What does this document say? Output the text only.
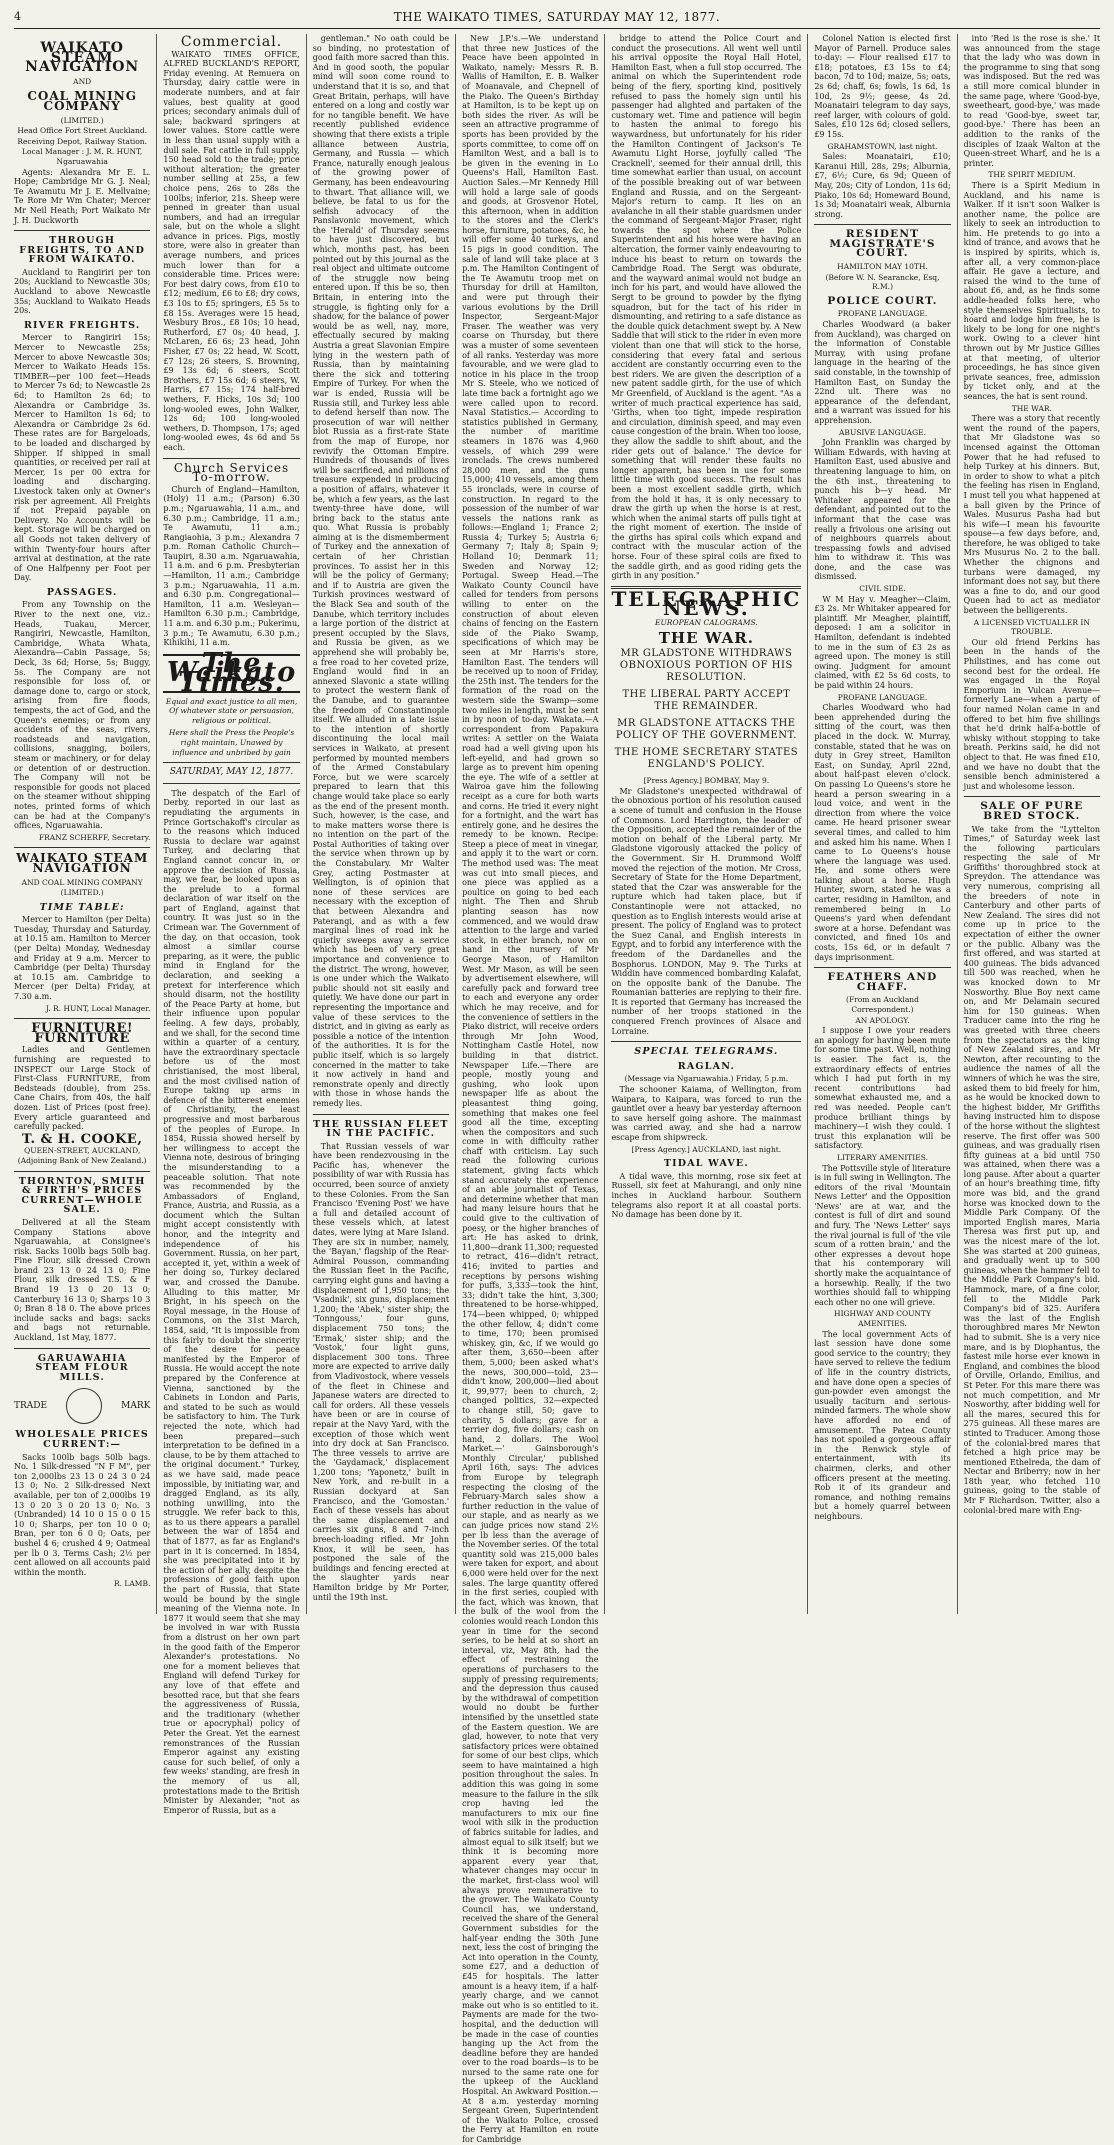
4	THE WAIKATO TIMES, SATURDAY MAY 12, 1877.
WAIKATO STEAM NAVIGATION
AND
COAL MINING COMPANY
(LIMITED.)
Head Office Fort Street Auckland.
Receiving Depot, Railway Station.
Local Manager : J. M. R. HUNT, Ngaruawahia

Agents: Alexandra Mr E. L. Hope; Cambridge Mr G. J. Neal; Te Awamutu Mr J. E. Mellvaine; Te Rore Mr Wm Chater; Mercer Mr Neil Heath; Port Waikato Mr J. H. Duckworth

THROUGH FREIGHTS, TO AND FROM WAIKATO.

Auckland to Rangiriri per ton 20s; Auckland to Newcastle 30s; Auckland to above Newcastle 35s; Auckland to Waikato Heads 20s.

RIVER FREIGHTS.

Mercer to Rangiriri 15s; Mercer to Newcastle 25s; Mercer to above Newcastle 30s; Mercer to Waikato Heads 15s. TIMBER—per 100 feet—Heads to Mercer 7s 6d; to Newcastle 2s 6d; to Hamilton 2s 6d; to Alexandra or Cambridge 3s. Mercer to Hamilton 1s 6d; to Alexandra or Cambridge 2s 6d. These rates are for Bargeloads, to be loaded and discharged by Shipper. If shipped in small quantities, or received per rail at Mercer, 1s per 00 extra for loading and discharging. Livestock taken only at Owner's risk per agreement. All Freights if not Prepaid payable on Delivery. No Accounts will be kept. Storage will be charged on all Goods not taken delivery of within Twenty-four hours after arrival at destination, at the rate of One Halfpenny per Foot per Day.

PASSAGES.

From any Township on the River to the next one, viz.: Heads, Tuakau, Mercer, Rangiriri, Newcastle, Hamilton, Cambridge, Whata Whata, Alexandra—Cabin Passage, 5s; Deck, 3s 6d; Horse, 5s; Buggy, 5s. The Company are not responsible for loss of, or damage done to, cargo or stock, arising from fire floods, tempests, the act of God, and the Queen's enemies; or from any accidents of the seas, rivers, roadsteads and navigation, collisions, snagging, boilers, steam or machinery, or for delay or detention of or destruction. The Company will not be responsible for goods not placed on the steamer without shipping notes, printed forms of which can be had at the Company's offices, Ngaruawahia.

FRANZ SCHERFF, Secretary.
WAIKATO STEAM NAVIGATION
AND COAL MINING COMPANY
(LIMITED.)
TIME TABLE:

Mercer to Hamilton (per Delta) Tuesday, Thursday and Saturday, at 10.15 am. Hamilton to Mercer (per Delta) Monday, Wednesday and Friday at 9 a.m. Mercer to Cambridge (per Delta) Thursday at 10.15 am. Cambridge to Mercer (per Delta) Friday, at 7.30 a.m.

J. R. HUNT, Local Manager.
FURNITURE! FURNITURE

Ladies and Gentlemen furnishing are requested to INSPECT our Large Stock of First-Class FURNITURE, from Bedsteads (double), from 25s. Cane Chairs, from 40s, the half dozen. List of Prices (post free). Every article guaranteed and carefully packed.

T. & H. COOKE,
QUEEN-STREET, AUCKLAND, (Adjoining Bank of New Zealand.)
THORNTON, SMITH & FIRTH'S PRICES CURRENT—WHOLE SALE.

Delivered at all the Steam Company Stations above Ngaruawahia, at Consignee's risk. Sacks 100lb bags 50lb bag. Fine Flour, silk dressed Crown brand 23 13 0 24 13 0; Fine Flour, silk dressed T.S. & F Brand 19 13 0 20 13 0; Canterbury 16 13 0; Sharps 10 3 0; Bran 8 18 0. The above prices include sacks and bags: sacks and bags not returnable. Auckland, 1st May, 1877.

GARUAWAHIA STEAM FLOUR MILLS.
TRADE	MARK
WHOLESALE PRICES CURRENT:—

Sacks 100lb bags 50lb bags. No. 1 Silk-dressed "N F M", per ton 2,000lbs 23 13 0 24 3 0 24 13 0; No. 2 Silk-dressed Next available, per ton of 2,000lbs 19 13 0 20 3 0 20 13 0; No. 3 (Unbranded) 14 10 0 15 0 0 15 10 0; Sharps, per ton 10 0 0; Bran, per ton 6 0 0; Oats, per bushel 4 6; crushed 4 9; Oatmeal per lb 0 3. Terms Cash; 2½ per cent allowed on all accounts paid within the month.

R. LAMB.
Commercial.

WAIKATO TIMES OFFICE, ALFRED BUCKLAND'S REPORT, Friday evening. At Remuera on Thursday, dairy cattle were in moderate numbers, and at fair values, best quality at good prices; secondary animals dull of sale; backward springers at lower values. Store cattle were in less than usual supply with a dull sale. Fat cattle in full supply, 150 head sold to the trade; price without alteration; the greater number selling at 25s, a few choice pens, 26s to 28s the 100lbs; inferior, 21s. Sheep were penned in greater than usual numbers, and had an irregular sale, but on the whole a slight advance in prices. Pigs, mostly store, were also in greater than average numbers, and prices much lower than for a considerable time. Prices were: For best dairy cows, from £10 to £12; medium, £6 to £8; dry cows, £3 10s to £5; springers, £5 5s to £8 15s. Averages were 15 head, Wesbury Bros., £8 10s; 10 head, Rutherford, £7 0s; 40 head, J. McLaren, £6 6s; 23 head, John Fisher, £7 0s; 22 head, W. Scott, £7 12s; 26 steers, S. Browning, £9 13s 6d; 6 steers, Scott Brothers, £7 15s 6d; 6 steers, W. Harris, £7 15s; 174 half-bred wethers, F. Hicks, 10s 3d; 100 long-wooled ewes, John Walker, 12s 6d; 100 long-wooled wethers, D. Thompson, 17s; aged long-wooled ewes, 4s 6d and 5s each.

Church Services To-morrow.

Church of England—Hamilton, (Holy) 11 a.m.; (Parson) 6.30 p.m.; Ngaruawahia, 11 a.m., and 6.30 p.m.; Cambridge, 11 a.m.; Te Awamutu, 11 a.m.; Rangiaohia, 3 p.m.; Alexandra 7 p.m. Roman Catholic Church—Taupiri, 8.30 a.m. Ngaruawahia, 11 a.m. and 6 p.m. Presbyterian—Hamilton, 11 a.m.; Cambridge 3 p.m.; Ngaruawahia, 11 a.m. and 6.30 p.m. Congregational—Hamilton, 11 a.m. Wesleyan—Hamilton 6.30 p.m.; Cambridge, 11 a.m. and 6.30 p.m.; Pukerimu, 3 p.m.; Te Awamutu, 6.30 p.m.; Kihikihi, 11 a.m.

The Waikato Times.
Equal and exact justice to all men, Of whatever state or persuasion, religious or political.
Here shall the Press the People's right maintain, Unawed by influence and unbribed by gain
SATURDAY, MAY 12, 1877.

The despatch of the Earl of Derby, reported in our last as repudiating the arguments in Prince Gortschakoff's circular as to the reasons which induced Russia to declare war against Turkey, and declaring that England cannot concur in, or approve the decision of Russia, may, we fear, be looked upon as the prelude to a formal declaration of war itself on the part of England, against that country. It was just so in the Crimean war. The Government of the day, on that occasion, took almost a similar course preparing, as it were, the public mind in England for the declaration, and seeking a pretext for interference which should disarm, not the hostility of the Peace Party at home, but their influence upon popular feeling. A few days, probably, and we shall, for the second time within a quarter of a century, have the extraordinary spectacle before us of the most christianised, the most liberal, and the most civilised nation of Europe taking up arms in defence of the bitterest enemies of Christianity, the least progressive and most barbarous of the peoples of Europe. In 1854, Russia showed herself by her willingness to accept the Vienna note, desirous of bringing the misunderstanding to a peaceable solution. That note was recommended by the Ambassadors of England, France, Austria, and Russia, as a document which the Sultan might accept consistently with honor, and the integrity and independence of his Government. Russia, on her part, accepted it, yet, within a week of her doing so, Turkey declared war, and crossed the Danube. Alluding to this matter, Mr Bright, in his speech on the Royal message, in the House of Commons, on the 31st March, 1854, said, "It is impossible from this fairly to doubt the sincerity of the desire for peace manifested by the Emperor of Russia. He would accept the note prepared by the Conference at Vienna, sanctioned by the Cabinets in London and Paris, and stated to be such as would be satisfactory to him. The Turk rejected the note, which had been prepared—such interpretation to be defined in a clause, to be by them attached to the original document." Turkey, as we have said, made peace impossible, by initiating war, and dragged England, as its ally, nothing unwilling, into the struggle. We refer back to this, as to us there appears a parallel between the war of 1854 and that of 1877, as far as England's part in it is concerned. In 1854, she was precipitated into it by the action of her ally, despite the professions of good faith upon the part of Russia, that State would be bound by the single meaning of the Vienna note. In 1877 it would seem that she may be involved in war with Russia from a distrust on her own part in the good faith of the Emperor Alexander's protestations. No one for a moment believes that England will defend Turkey for any love of that effete and besotted race, but that she fears the aggressiveness of Russia, and the traditionary (whether true or apocryphal) policy of Peter the Great. Yet the earnest remonstrances of the Russian Emperor against any existing cause for such belief, of only a few weeks' standing, are fresh in the memory of us all, protestations made to the British Minister by Alexander, "not as Emperor of Russia, but as a

gentleman." No oath could be so binding, no protestation of good faith more sacred than this. And in good sooth, the popular mind will soon come round to understand that it is so, and that Great Britain, perhaps, will have entered on a long and costly war for no tangible benefit. We have recently published evidence showing that there exists a triple alliance between Austria, Germany, and Russia — which France, naturally enough jealous of the growing power of Germany, has been endeavouring to thwart. That alliance will, we believe, be fatal to us for the selfish advocacy of the Panslavonic movement, which the 'Herald' of Thursday seems to have just discovered, but which, months past, has been pointed out by this journal as the real object and ultimate outcome of the struggle now being entered upon. If this be so, then Britain, in entering into the struggle, is fighting only for a shadow, for the balance of power would be as well, nay, more, effectually secured by making Austria a great Slavonian Empire lying in the western path of Russia, than by maintaining there the sick and tottering Empire of Turkey. For when the war is ended, Russia will be Russia still, and Turkey less able to defend herself than now. The prosecution of war will neither blot Russia as a first-rate State from the map of Europe, nor revivify the Ottoman Empire. Hundreds of thousands of lives will be sacrificed, and millions of treasure expended in producing a position of affairs, whatever it be, which a few years, as the last twenty-three have done, will bring back to the status ante quo. What Russia is probably aiming at is the dismemberment of Turkey and the annexation of certain of her Christian provinces. To assist her in this will be the policy of Germany; and if to Austria are given the Turkish provinces westward of the Black Sea and south of the Danube, which territory includes a large portion of the district at present occupied by the Slavs, and Russia be given, as we apprehend she will probably be, a free road to her coveted prize, England would find in an annexed Slavonic a state willing to protect the western flank of the Danube, and to guarantee the freedom of Constantinople itself. We alluded in a late issue to the intention of shortly discontinuing the local mail services in Waikato, at present performed by mounted members of the Armed Constabulary Force, but we were scarcely prepared to learn that this change would take place so early as the end of the present month. Such, however, is the case, and to make matters worse there is no intention on the part of the Postal Authorities of taking over the service when thrown up by the Constabulary. Mr Walter Grey, acting Postmaster at Wellington, is of opinion that none of these services are necessary with the exception of that between Alexandra and Paterangi, and as with a few marginal lines of road ink he quietly sweeps away a service which has been of very great importance and convenience to the district. The wrong, however, is one under which the Waikato public should not sit easily and quietly. We have done our part in representing the importance and value of these services to the district, and in giving as early as possible a notice of the intention of the authorities. It is for the public itself, which is so largely concerned in the matter to take it now actively in hand and remonstrate openly and directly with those in whose hands the remedy lies.

THE RUSSIAN FLEET IN THE PACIFIC.

That Russian vessels of war have been rendezvousing in the Pacific has, whenever the possibility of war with Russia has occurred, been source of anxiety to these Colonies. From the San Francisco 'Evening Post' we have a full and detailed account of these vessels which, at latest dates, were lying at Mare Island. They are six in number, namely, the 'Bayan,' flagship of the Rear-Admiral Pousson, commanding the Russian fleet in the Pacific, carrying eight guns and having a displacement of 1,950 tons; the 'Vsadnik', six guns, displacement 1,200; the 'Abek,' sister ship; the 'Tonngouss,' four guns, displacement 750 tons; the 'Ermak,' sister ship; and the 'Vostok,' four light guns, displacement 300 tons. Three more are expected to arrive daily from Vladivostock, where vessels of the fleet in Chinese and Japanese waters are directed to call for orders. All these vessels have been or are in course of repair at the Navy Yard, with the exception of those which went into dry dock at San Francisco. The three vessels to arrive are the 'Gaydamack,' displacement 1,200 tons; 'Yaponetz,' built in New York, and re-built in a Russian dockyard at San Francisco, and the 'Gomostan.' Each of these vessels has about the same displacement and carries six guns, 8 and 7-inch breech-loading rifled. Mr John Knox, it will be seen, has postponed the sale of the buildings and fencing erected at the slaughter yards near Hamilton bridge by Mr Porter, until the 19th inst.

New J.P.'s.—We understand that three new Justices of the Peace have been appointed in Waikato, namely: Messrs R. B. Wallis of Hamilton, E. B. Walker of Moanavale, and Chepnell of the Piako. The Queen's Birthday at Hamilton, is to be kept up on both sides the river. As will be seen an attractive programme of sports has been provided by the sports committee, to come off on Hamilton West, and a ball is to be given in the evening in Lo Queens's Hall, Hamilton East. Auction Sales.—Mr Kennedy Hill will hold a large sale of goods and goods, at Grosvenor Hotel, this afternoon, when in addition to the stores and the Clerk's horse, furniture, potatoes, &c, he will offer some 40 turkeys, and 15 pigs in good condition. The sale of land will take place at 3 p.m. The Hamilton Contingent of the Te Awamutu troop met on Thursday for drill at Hamilton, and were put through their various evolutions by the Drill Inspector, Sergeant-Major Fraser. The weather was very coarse on Thursday, but there was a muster of some seventeen of all ranks. Yesterday was more favourable, and we were glad to notice in his place in the troop Mr S. Steele, who we noticed of late time back a fortnight ago we were called upon to record. Naval Statistics.— According to statistics published in Germany, the number of maritime steamers in 1876 was 4,960 vessels, of which 299 were ironclads. The crews numbered 28,000 men, and the guns 15,000; 410 vessels, among them 55 ironclads, were in course of construction. In regard to the possession of the number of war vessels the nations rank as follows:—England 1; France 2; Russia 4; Turkey 5; Austria 6; Germany 7; Italy 8; Spain 9; Holland 10; Denmark 11; Sweden and Norway 12; Portugal. Sweep Head.—The Waikato County Council have called for tenders from persons willing to enter on the construction of about eleven chains of fencing on the Eastern side of the Piako Swamp, specifications of which may be seen at Mr Harris's store, Hamilton East. The tenders will be received up to noon of Friday, the 25th inst. The tenders for the formation of the road on the western side the Swamp—some two miles in length, must be sent in by noon of to-day. Wakata.—A correspondent from Papakura writes: A settler on the Waiata road had a well giving upon his left-eyelid, and had grown so large as to prevent him opening the eye. The wife of a settler at Wairoa gave him the following receipt as a cure for both warts and corns. He tried it every night for a fortnight, and the wart has entirely gone, and he desires the remedy to be known. Recipe: Steep a piece of meat in vinegar, and apply it to the wart or corn. The method used was: The meat was cut into small pieces, and one piece was applied as a poultice on going to bed each night. The Then and Shrub planting season has now commenced, and we would draw attention to the large and varied stock, in either branch, now on hand in the nursery of Mr George Mason, of Hamilton West. Mr Mason, as will be seen by advertisement elsewhere, will carefully pack and forward tree to each and everyone any order which he may receive, and for the convenience of settlers in the Piako district, will receive orders through Mr John Wood, Nottingham Castle Hotel, now building in that district. Newspaper Life.—There are people, mostly young and gushing, who look upon newspaper life as about the pleasantest thing going, something that makes one feel good all the time, excepting when the compositors and such come in with difficulty rather chaff with criticism. Lay such read the following curious statement, giving facts which stand accurately the experience of an able journalist of Texas, and determine whether that man had many leisure hours that he could give to the cultivation of poesy, or the higher branches of art: He has asked to drink, 11,800—drank 11,300; requested to retract, 416—didn't retract, 416; invited to parties and receptions by persons wishing for puffs, 3,333—took the hint, 33; didn't take the hint, 3,300; threatened to be horse-whipped, 174—been whipped, 0; whipped the other fellow, 4; didn't come to time, 170; been promised whiskey, gin, &c, if we would go after them, 3,650—been after them, 5,000; been asked what's the news, 300,000—told, 23—didn't know, 200,000—lied about it, 99,977; been to church, 2; changed politics, 32—expected to change still, 50; gave to charity, 5 dollars; gave for a terrier dog, five dollars; cash on hand, 2 dollars. The Wool Market.—' Gainsborough's Monthly Circular,' published April 16th, says: The advices from Europe by telegraph respecting the closing of the February-March sales show a further reduction in the value of our staple, and as nearly as we can judge prices now stand 2½ per lb less than the average of the November series. Of the total quantity sold was 215,000 bales were taken for export, and about 6,000 were held over for the next sales. The large quantity offered in the first series, coupled with the fact, which was known, that the bulk of the wool from the colonies would reach London this year in time for the second series, to be held at so short an interval, viz, May 8th, had the effect of restraining the operations of purchasers to the supply of pressing requirements; and the depression thus caused by the withdrawal of competition would no doubt be further intensified by the unsettled state of the Eastern question. We are glad, however, to note that very satisfactory prices were obtained for some of our best clips, which seem to have maintained a high position throughout the sales. In addition this was going in some measure to the failure in the silk crop having led the manufacturers to mix our fine wool with silk in the production of fabrics suitable for ladies, and almost equal to silk itself; but we think it is becoming more apparent every year that, whatever changes may occur in the market, first-class wool will always prove remunerative to the grower. The Waikato County Council has, we understand, received the share of the General Government subsidies for the half-year ending the 30th June next, less the cost of bringing the Act into operation in the County, some £27, and a deduction of £45 for hospitals. The latter amount is a heavy item, if a half-yearly charge, and we cannot make out who is so entitled to it. Payments are made for the two-hospital, and the deduction will be made in the case of counties hanging up the Act from the deadline before they are handed over to the road boards—is to be nursed to the same rate one for the upkeep of the Auckland Hospital. An Awkward Position.—At 8 a.m. yesterday morning Sergeant Green, Superintendent of the Waikato Police, crossed the Ferry at Hamilton en route for Cambridge

bridge to attend the Police Court and conduct the prosecutions. All went well until his arrival opposite the Royal Hall Hotel, Hamilton East, when a full stop occurred. The animal on which the Superintendent rode being of the fiery, sporting kind, positively refused to pass the homely sign until his passenger had alighted and partaken of the customary wet. Time and patience will begin to hasten the animal to forego his waywardness, but unfortunately for his rider the Hamilton Contingent of Jackson's Te Awamutu Light Horse, joyfully called 'The Cracknell', seemed for their annual drill, this time somewhat earlier than usual, on account of the possible breaking out of war between England and Russia, and on the Sergeant-Major's return to camp. It lies on an avalanche in all their stable guardsmen under the command of Sergeant-Major Fraser, right towards the spot where the Police Superintendent and his horse were having an altercation, the former vainly endeavouring to induce his beast to return on towards the Cambridge Road. The Sergt was obdurate, and the wayward animal would not budge an inch for his part, and would have allowed the Sergt to be ground to powder by the flying squadron, but for the tact of his rider in dismounting, and retiring to a safe distance as the double quick detachment swept by. A New Saddle that will stick to the rider in even more violent than one that will stick to the horse, considering that every fatal and serious accident are constantly occurring even to the best riders. We are given the description of a new patent saddle girth, for the use of which Mr Greenfield, of Auckland is the agent. "As a writer of much practical experience has said, 'Girths, when too tight, impede respiration and circulation, diminish speed, and may even cause congestion of the brain. When too loose, they allow the saddle to shift about, and the rider gets out of balance.' The device for something that will render these faults no longer apparent, has been in use for some little time with good success. The result has been a most excellent saddle girth, which from the hold it has, it is only necessary to draw the girth up when the horse is at rest, which when the animal starts off pulls tight at the right moment of exertion. The inside of the girths has spiral coils which expand and contract with the muscular action of the horse. Four of these spiral coils are fixed to the saddle girth, and as good riding gets the girth in any position."

TELEGRAPHIC NEWS.
EUROPEAN CALOGRAMS.
THE WAR.
MR GLADSTONE WITHDRAWS OBNOXIOUS PORTION OF HIS RESOLUTION.
THE LIBERAL PARTY ACCEPT THE REMAINDER.
MR GLADSTONE ATTACKS THE POLICY OF THE GOVERNMENT.
THE HOME SECRETARY STATES ENGLAND'S POLICY.
[Press Agency.] BOMBAY, May 9.

Mr Gladstone's unexpected withdrawal of the obnoxious portion of his resolution caused a scene of tumult and confusion in the House of Commons. Lord Harrington, the leader of the Opposition, accepted the remainder of the motion on behalf of the Liberal party. Mr Gladstone vigorously attacked the policy of the Government. Sir H. Drummond Wolff moved the rejection of the motion. Mr Cross, Secretary of State for the Home Department, stated that the Czar was answerable for the rupture which had taken place, but if Constantinople were not attacked, no question as to English interests would arise at present. The policy of England was to protect the Suez Canal, and English interests in Egypt, and to forbid any interference with the freedom of the Dardanelles and the Bosphorus. LONDON, May 9. The Turks at Widdin have commenced bombarding Kalafat, on the opposite bank of the Danube. The Roumanian batteries are replying to their fire. It is reported that Germany has increased the number of her troops stationed in the conquered French provinces of Alsace and Lorraine.

SPECIAL TELEGRAMS.
RAGLAN.
(Message via Ngaruawahia.) Friday, 5 p.m.

The schooner Kaiama, of Wellington, from Waipara, to Kaipara, was forced to run the gauntlet over a heavy bar yesterday afternoon to save herself going ashore. The mainmast was carried away, and she had a narrow escape from shipwreck.

[Press Agency.] AUCKLAND, last night.
TIDAL WAVE.

A tidal wave, this morning, rose six feet at Russell, six feet at Mahurangi, and only nine inches in Auckland harbour. Southern telegrams also report it at all coastal ports. No damage has been done by it.

Colonel Nation is elected first Mayor of Parnell. Produce sales to-day: — Flour realised £17 to £18; potatoes, £3 15s to £4; bacon, 7d to 10d; maize, 5s; oats, 2s 6d; chaff, 6s; fowls, 1s 6d, 1s 10d, 2s 9½; geese, 4s 2d. Moanatairi telegram to day says, reef larger, with colours of gold. Sales, £10 12s 6d; closed sellers, £9 15s.

GRAHAMSTOWN, last night.

Sales: Moanatairi, £10; Karanui Hill, 28s, 29s; Alburnia, £7, 6½; Cure, 6s 9d; Queen of May, 20s; City of London, 11s 6d; Piako, 10s 6d; Homeward Bound, 1s 3d; Moanatairi weak, Alburnia strong.

RESIDENT MAGISTRATE'S COURT.
HAMILTON MAY 10TH.
(Before W. N. Searancke, Esq, R.M.)
POLICE COURT.
PROFANE LANGUAGE.

Charles Woodward (a baker from Auckland), was charged on the information of Constable Murray, with using profane language in the hearing of the said constable, in the township of Hamilton East, on Sunday the 22nd ult. There was no appearance of the defendant, and a warrant was issued for his apprehension.

ABUSIVE LANGUAGE.

John Franklin was charged by William Edwards, with having at Hamilton East, used abusive and threatening language to him, on the 6th inst., threatening to punch his b—y head. Mr Whitaker appeared for the defendant, and pointed out to the informant that the case was really a frivolous one arising out of neighbours quarrels about trespassing fowls and advised him to withdraw it. This was done, and the case was dismissed.

CIVIL SIDE.

W M Hay v. Meagher—Claim, £3 2s. Mr Whitaker appeared for plaintiff. Mr Meagher, plaintiff, deposed: I am a solicitor in Hamilton, defendant is indebted to me in the sum of £3 2s as agreed upon. The money is still owing. Judgment for amount claimed, with £2 5s 6d costs, to be paid within 24 hours.

PROFANE LANGUAGE.

Charles Woodward who had been apprehended during the sitting of the court, was then placed in the dock. W. Murray, constable, stated that he was on duty in Grey street, Hamilton East, on Sunday, April 22nd, about half-past eleven o'clock. On passing Lo Queens's store he heard a person swearing in a loud voice, and went in the direction from where the voice came. He heard prisoner swear several times, and called to him and asked him his name. When I came to Lo Queens's house where the language was used. He, and some others were talking about a horse. Hugh Hunter, sworn, stated he was a carter, residing in Hamilton, and remembered being in Lo Queens's yard when defendant swore at a horse. Defendant was convicted, and fined 10s and costs, 15s 6d, or in default 7 days imprisonment.

FEATHERS AND CHAFF.
(From an Auckland Correspondent.)
AN APOLOGY.

I suppose I owe your readers an apology for having been mute for some time past. Well, nothing is easier. The fact is, the extraordinary effects of entries which I had put forth in my recent contributions had somewhat exhausted me, and a red was needed. People can't produce brilliant things by machinery—I wish they could. I trust this explanation will be satisfactory.

LITERARY AMENITIES.

The Pottsville style of literature is in full swing in Wellington. The editors of the rival 'Mountain News Letter' and the Opposition 'News' are at war, and the contest is full of dirt and sound and fury. The 'News Letter' says the rival journal is full of 'the vile scum of a rotten brain,' and the other expresses a devout hope that his contemporary will shortly make the acquaintance of a horsewhip. Really, if the two worthies should fall to whipping each other no one will grieve.

HIGHWAY AND COUNTY AMENITIES.

The local government Acts of last session have done some good service to the country; they have served to relieve the tedium of life in the country districts, and have done open a species of gun-powder even amongst the usually taciturn and serious-minded farmers. The whole show have afforded no end of amusement. The Patea County has not spoiled a gorgeous affair in the Renwick style of entertainment, with its chairmen, clerks, and other officers present at the meeting. Rob it of its grandeur and romance, and nothing remains but a homely quarrel between neighbours.

into 'Red is the rose is she.' It was announced from the stage that the lady who was down in the programme to sing that song was indisposed. But the red was a still more comical blunder in the same page, where 'Good-bye, sweetheart, good-bye,' was made to read 'Good-bye, sweet tar, good-bye.' There has been an addition to the ranks of the disciples of Izaak Walton at the Queen-street Wharf, and he is a printer.

THE SPIRIT MEDIUM.

There is a Spirit Medium in Auckland, and his name is Walker. If it isn't soon Walker is another name, the police are likely to seek an introduction to him. He pretends to go into a kind of trance, and avows that he is inspired by spirits, which is, after all, a very common-place affair. He gave a lecture, and raised the wind to the tune of about £6, and, as he finds some addle-headed folks here, who style themselves Spiritualists, to hoard and lodge him free, he is likely to be long for one night's work. Owing to a clever hint thrown out by Mr Justice Gillies at that meeting, of ulterior proceedings, he has since given private seances, free, admission by ticket only, and at the seances, the hat is sent round.

THE WAR.

There was a story that recently went the round of the papers, that Mr Gladstone was so incensed against the Ottoman Power that he had refused to help Turkey at his dinners. But, in order to show to what a pitch the feeling has risen in England, I must tell you what happened at a ball given by the Prince of Wales. Musurus Pasha had but his wife—I mean his favourite spouse—a few days before, and, therefore, he was obliged to take Mrs Musurus No. 2 to the ball. Whether the chignons and turbans were damaged, my informant does not say, but there was a fine to do, and our good Queen had to act as mediator between the belligerents.

A LICENSED VICTUALLER IN TROUBLE.

Our old friend Perkins has been in the hands of the Philistines, and has come out second best for the ordeal. He was engaged in the Royal Emporium in Vulcan Avenue—formerly Lane—when a party of four named Nolan came in and offered to bet him five shillings that he'd drink half-a-bottle of whisky without stopping to take breath. Perkins said, he did not object to that. He was fined £10, and we have no doubt that the sensible bench administered a just and wholesome lesson.

SALE OF PURE BRED STOCK.

We take from the "Lyttelton Times," of Saturday week last the following particulars respecting the sale of Mr Griffiths' thoroughbred stock at Spreydon. The attendance was very numerous, comprising all the breeders of note in Canterbury and other parts of New Zealand. The sires did not come up in price to the expectation of either the owner or the public. Albany was the first offered, and was started at 400 guineas. The bids advanced till 500 was reached, when he was knocked down to Mr Nosworthy. Blue Boy next came on, and Mr Delamain secured him for 150 guineas. When Traducer came into the ring he was greeted with three cheers from the spectators as the king of New Zealand sires, and Mr Newton, after recounting to the audience the names of all the winners of which he was the sire, asked them to bid freely for him, as he would be knocked down to the highest bidder, Mr Griffiths having instructed him to dispose of the horse without the slightest reserve. The first offer was 500 guineas, and was gradually risen fifty guineas at a bid until 750 was attained, when there was a long pause. After about a quarter of an hour's breathing time, fifty more was bid, and the grand horse was knocked down to the Middle Park Company. Of the imported English mares, Maria Theresa was first put up, and was the nicest mare of the lot. She was started at 200 guineas, and gradually went up to 500 guineas, when the hammer fell to the Middle Park Company's bid. Hammock, mare, of a fine color, fell to the Middle Park Company's bid of 325. Aurifera was the last of the English thoroughbred mares Mr Newton had to submit. She is a very nice mare, and is by Diophantus, the fastest mile horse ever known in England, and combines the blood of Orville, Orlando, Emilius, and St Peter. For this mare there was not much competition, and Mr Nosworthy, after bidding well for all the mares, secured this for 275 guineas. All these mares are stinted to Traducer. Among those of the colonial-bred mares that fetched a high price may be mentioned Ethelreda, the dam of Nectar and Briberry; now in her 18th year, who fetched 110 guineas, going to the stable of Mr F Richardson. Twitter, also a colonial-bred mare with Eng-
